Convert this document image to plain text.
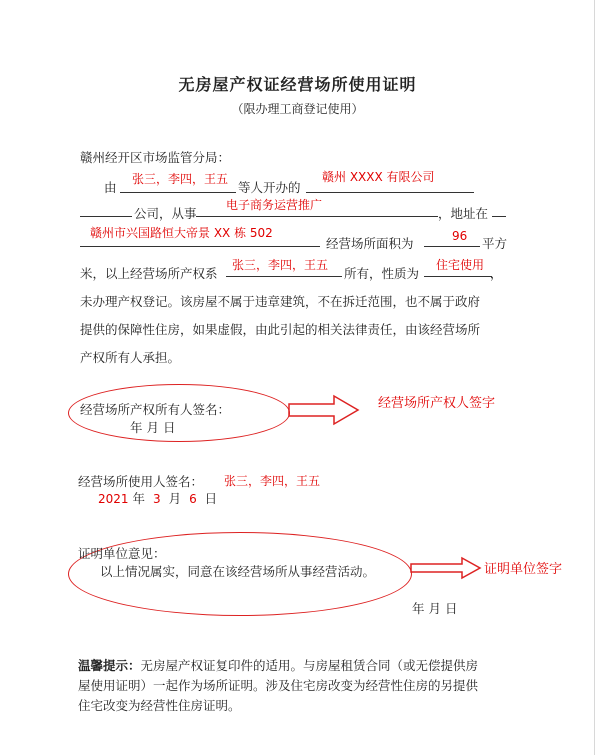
无房屋产权证经营场所使用证明
（限办理工商登记使用）
赣州经开区市场监管分局：
由
张三，李四，王五
等人开办的
赣州 XXXX 有限公司
公司，从事
电子商务运营推广
，地址在
赣州市兴国路恒大帝景 XX 栋 502
经营场所面积为	96 平方
米，以上经营场所产权系
张三，李四，王五
所有，性质为
住宅使用
，
未办理产权登记。该房屋不属于违章建筑，不在拆迁范围，也不属于政府
提供的保障性住房，如果虚假，由此引起的相关法律责任，由该经营场所
产权所有人承担。
经营场所产权所有人签名：
年 月 日
经营场所产权人签字
经营场所使用人签名： 张三，李四，王五
2021 年 3 月 6 日
证明单位意见：
以上情况属实，同意在该经营场所从事经营活动。	证明单位签字
年 月 日
温馨提示：无房屋产权证复印件的适用。与房屋租赁合同（或无偿提供房
屋使用证明）一起作为场所证明。涉及住宅房改变为经营性住房的另提供
住宅改变为经营性住房证明。
